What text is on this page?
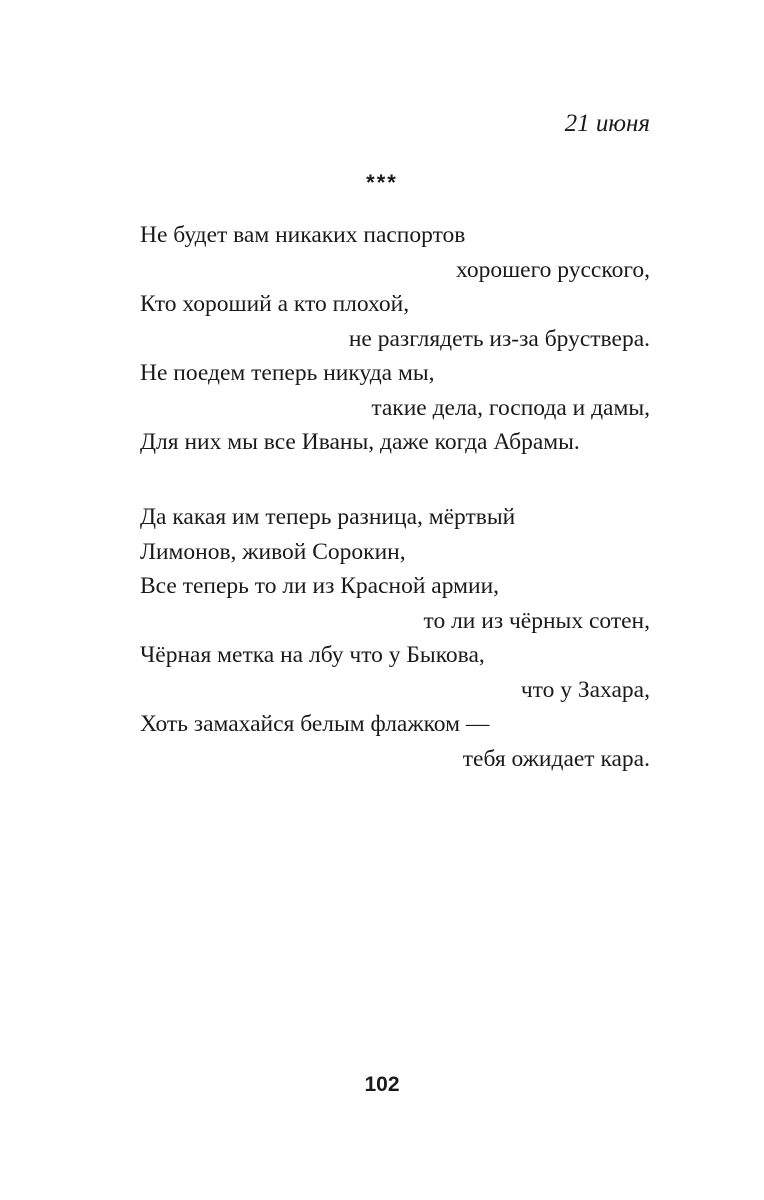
21 июня
***
Не будет вам никаких паспортов
хорошего русского,
Кто хороший а кто плохой,
не разглядеть из-за бруствера.
Не поедем теперь никуда мы,
такие дела, господа и дамы,
Для них мы все Иваны, даже когда Абрамы.
Да какая им теперь разница, мёртвый
Лимонов, живой Сорокин,
Все теперь то ли из Красной армии,
то ли из чёрных сотен,
Чёрная метка на лбу что у Быкова,
что у Захара,
Хоть замахайся белым флажком —
тебя ожидает кара.
102
